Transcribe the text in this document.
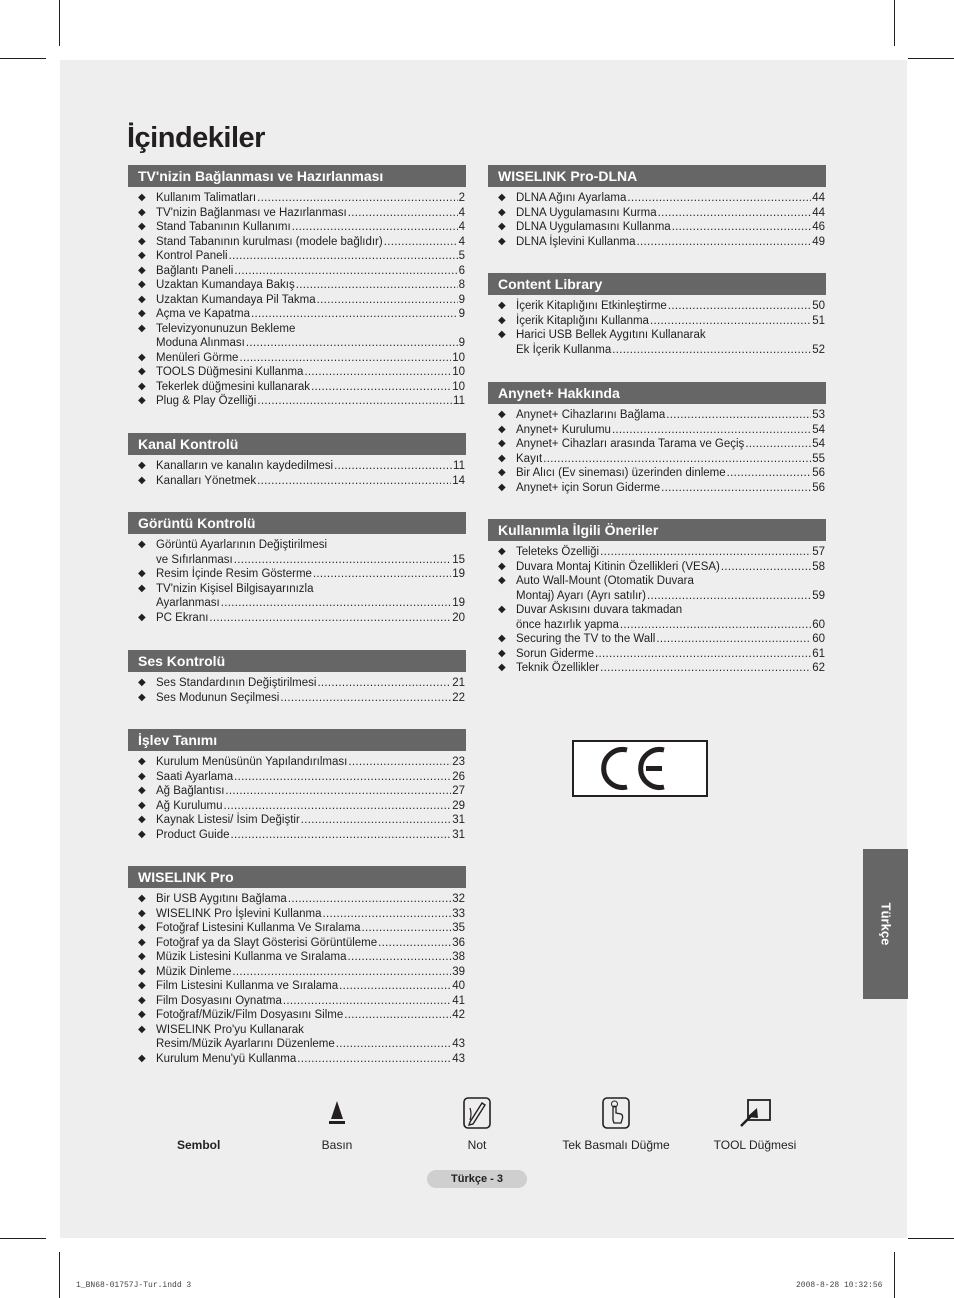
İçindekiler
TV'nizin Bağlanması ve Hazırlanması
◆ Kullanım Talimatları .....	2
◆ TV'nizin Bağlanması ve Hazırlanması .....	4
◆ Stand Tabanının Kullanımı .....	4
◆ Stand Tabanının kurulması (modele bağlıdır) .....	4
◆ Kontrol Paneli .....	5
◆ Bağlantı Paneli .....	6
◆ Uzaktan Kumandaya Bakış .....	8
◆ Uzaktan Kumandaya Pil Takma .....	9
◆ Açma ve Kapatma .....	9
◆ Televizyonunuzun Bekleme
Moduna Alınması .....	9
◆ Menüleri Görme .....	10
◆ TOOLS Düğmesini Kullanma .....	10
◆ Tekerlek düğmesini kullanarak .....	10
◆ Plug & Play Özelliği .....	11
Kanal Kontrolü
◆ Kanalların ve kanalın kaydedilmesi .....	11
◆ Kanalları Yönetmek .....	14
Görüntü Kontrolü
◆ Görüntü Ayarlarının Değiştirilmesi
ve Sıfırlanması .....	15
◆ Resim İçinde Resim Gösterme .....	19
◆ TV'nizin Kişisel Bilgisayarınızla
Ayarlanması .....	19
◆ PC Ekranı .....	20
Ses Kontrolü
◆ Ses Standardının Değiştirilmesi .....	21
◆ Ses Modunun Seçilmesi .....	22
İşlev Tanımı
◆ Kurulum Menüsünün Yapılandırılması .....	23
◆ Saati Ayarlama .....	26
◆ Ağ Bağlantısı .....	27
◆ Ağ Kurulumu .....	29
◆ Kaynak Listesi/ İsim Değiştir .....	31
◆ Product Guide .....	31
WISELINK Pro
◆ Bir USB Aygıtını Bağlama .....	32
◆ WISELINK Pro İşlevini Kullanma .....	33
◆ Fotoğraf Listesini Kullanma Ve Sıralama .....	35
◆ Fotoğraf ya da Slayt Gösterisi Görüntüleme .....	36
◆ Müzik Listesini Kullanma ve Sıralama .....	38
◆ Müzik Dinleme .....	39
◆ Film Listesini Kullanma ve Sıralama .....	40
◆ Film Dosyasını Oynatma .....	41
◆ Fotoğraf/Müzik/Film Dosyasını Silme .....	42
◆ WISELINK Pro'yu Kullanarak
Resim/Müzik Ayarlarını Düzenleme .....	43
◆ Kurulum Menu'yü Kullanma .....	43
WISELINK Pro-DLNA
◆ DLNA Ağını Ayarlama .....	44
◆ DLNA Uygulamasını Kurma .....	44
◆ DLNA Uygulamasını Kullanma .....	46
◆ DLNA İşlevini Kullanma .....	49
Content Library
◆ İçerik Kitaplığını Etkinleştirme .....	50
◆ İçerik Kitaplığını Kullanma .....	51
◆ Harici USB Bellek Aygıtını Kullanarak
Ek İçerik Kullanma .....	52
Anynet+ Hakkında
◆ Anynet+ Cihazlarını Bağlama .....	53
◆ Anynet+ Kurulumu .....	54
◆ Anynet+ Cihazları arasında Tarama ve Geçiş .....	54
◆ Kayıt .....	55
◆ Bir Alıcı (Ev sineması) üzerinden dinleme .....	56
◆ Anynet+ için Sorun Giderme .....	56
Kullanımla İlgili Öneriler
◆ Teleteks Özelliği .....	57
◆ Duvara Montaj Kitinin Özellikleri (VESA) .....	58
◆ Auto Wall-Mount (Otomatik Duvara
Montaj) Ayarı (Ayrı satılır) .....	59
◆ Duvar Askısını duvara takmadan
önce hazırlık yapma .....	60
◆ Securing the TV to the Wall .....	60
◆ Sorun Giderme .....	61
◆ Teknik Özellikler .....	62
Türkçe
Sembol	Basın	Not	Tek Basmalı Düğme	TOOL Düğmesi
Türkçe - 3
1_BN68-01757J-Tur.indd 3	2008-8-28 10:32:56
